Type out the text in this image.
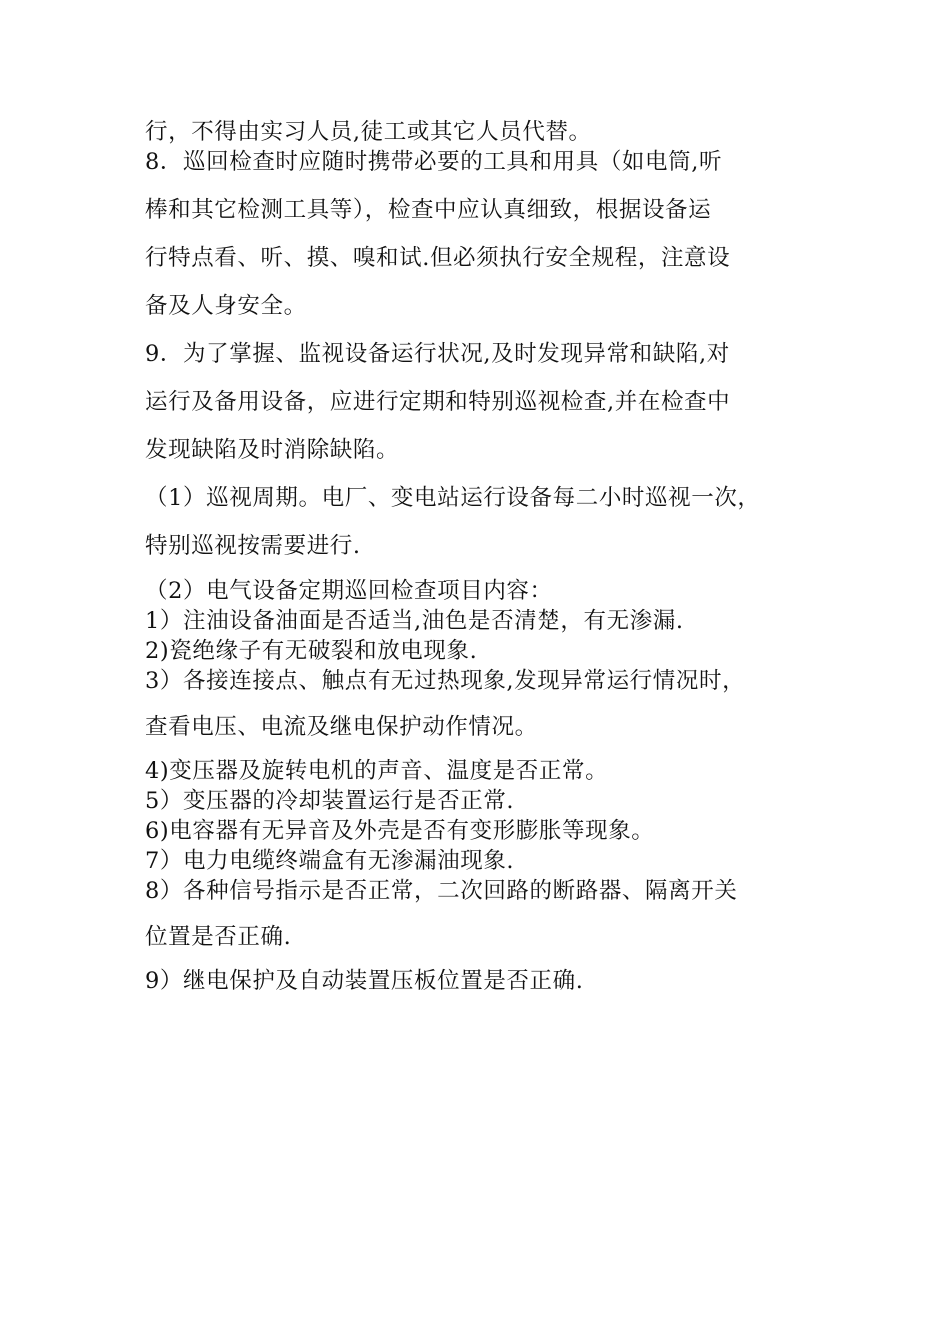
行，不得由实习人员,徒工或其它人员代替。
8．巡回检查时应随时携带必要的工具和用具（如电筒,听
棒和其它检测工具等），检查中应认真细致，根据设备运
行特点看、听、摸、嗅和试.但必须执行安全规程，注意设
备及人身安全。
9．为了掌握、监视设备运行状况,及时发现异常和缺陷,对
运行及备用设备，应进行定期和特别巡视检查,并在检查中
发现缺陷及时消除缺陷。
（1）巡视周期。电厂、变电站运行设备每二小时巡视一次，
特别巡视按需要进行.
（2）电气设备定期巡回检查项目内容：
1）注油设备油面是否适当,油色是否清楚，有无渗漏.
2)瓷绝缘子有无破裂和放电现象.
3）各接连接点、触点有无过热现象,发现异常运行情况时，
查看电压、电流及继电保护动作情况。
4)变压器及旋转电机的声音、温度是否正常。
5）变压器的冷却装置运行是否正常.
6)电容器有无异音及外壳是否有变形膨胀等现象。
7）电力电缆终端盒有无渗漏油现象.
8）各种信号指示是否正常，二次回路的断路器、隔离开关
位置是否正确.
9）继电保护及自动装置压板位置是否正确.
